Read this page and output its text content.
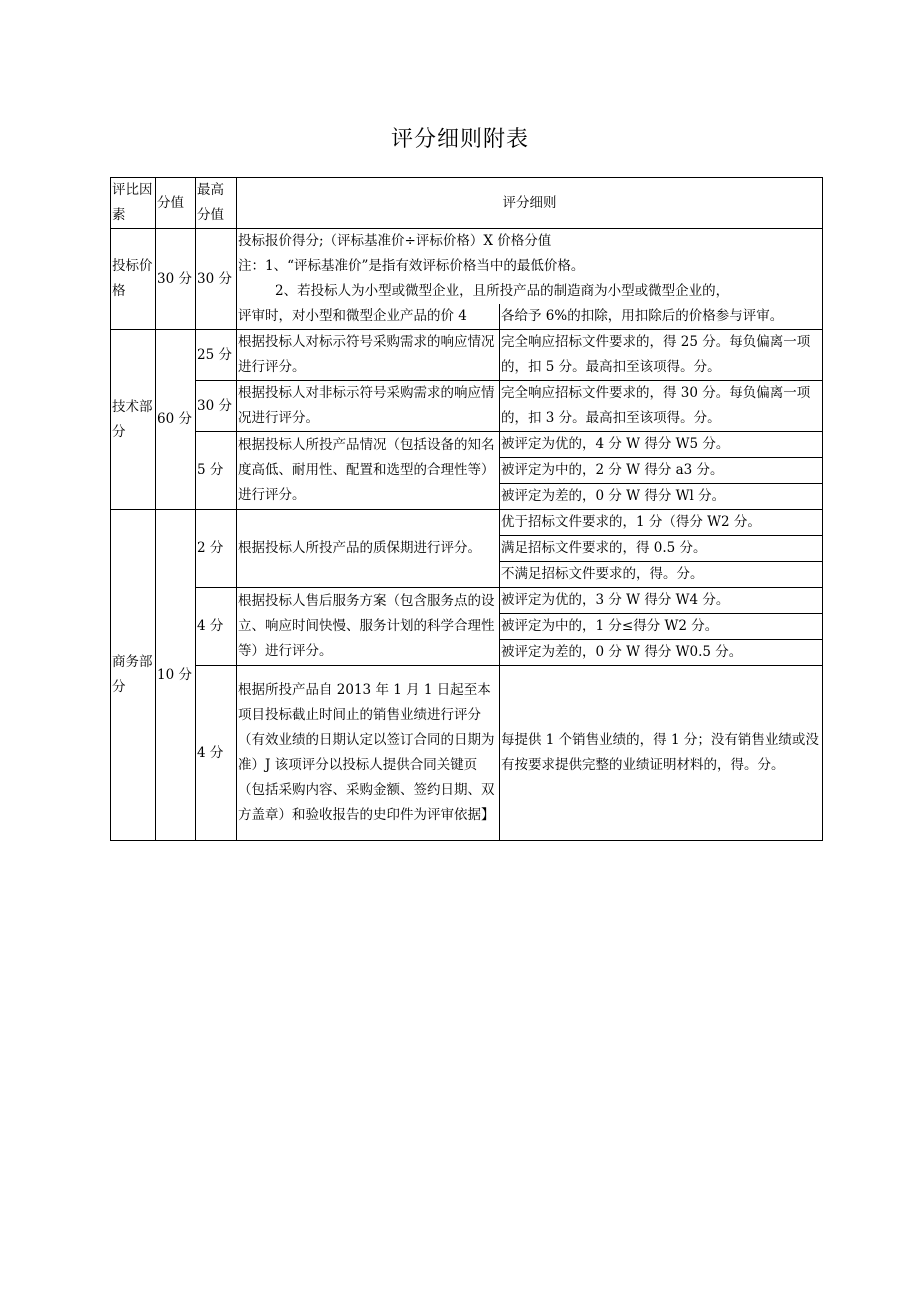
评分细则附表
评比因素	分值	最高分值	评分细则	
投标价格	30 分	30 分	投标报价得分;（评标基准价÷评标价格）X 价格分值
注：1、“评标基准价”是指有效评标价格当中的最低价格。
2、若投标人为小型或微型企业，且所投产品的制造商为小型或微型企业的，	

			评审时，对小型和微型企业产品的价 4	各给予 6%的扣除，用扣除后的价格参与评审。
技术部分	60 分	25 分	根据投标人对标示符号采购需求的响应情况进行评分。	完全响应招标文件要求的，得 25 分。每负偏离一项的，扣 5 分。最高扣至该项得。分。
		30 分	根据投标人对非标示符号采购需求的响应情况进行评分。	完全响应招标文件要求的，得 30 分。每负偏离一项的，扣 3 分。最高扣至该项得。分。
		5 分	根据投标人所投产品情况（包括设备的知名度高低、耐用性、配置和选型的合理性等）进行评分。	被评定为优的，4 分 W 得分 W5 分。
				被评定为中的，2 分 W 得分 a3 分。
				被评定为差的，0 分 W 得分 Wl 分。
商务部分	10 分	2 分	根据投标人所投产品的质保期进行评分。	优于招标文件要求的，1 分（得分 W2 分。
				满足招标文件要求的，得 0.5 分。
				不满足招标文件要求的，得。分。
		4 分	根据投标人售后服务方案（包含服务点的设立、响应时间快慢、服务计划的科学合理性等）进行评分。	被评定为优的，3 分 W 得分 W4 分。
				被评定为中的，1 分≤得分 W2 分。
				被评定为差的，0 分 W 得分 W0.5 分。
		4 分	根据所投产品自 2013 年 1 月 1 日起至本项目投标截止时间止的销售业绩进行评分（有效业绩的日期认定以签订合同的日期为准）J 该项评分以投标人提供合同关键页（包括采购内容、采购金额、签约日期、双方盖章）和验收报告的史印件为评审依据】	每提供 1 个销售业绩的，得 1 分；没有销售业绩或没有按要求提供完整的业绩证明材料的，得。分。
